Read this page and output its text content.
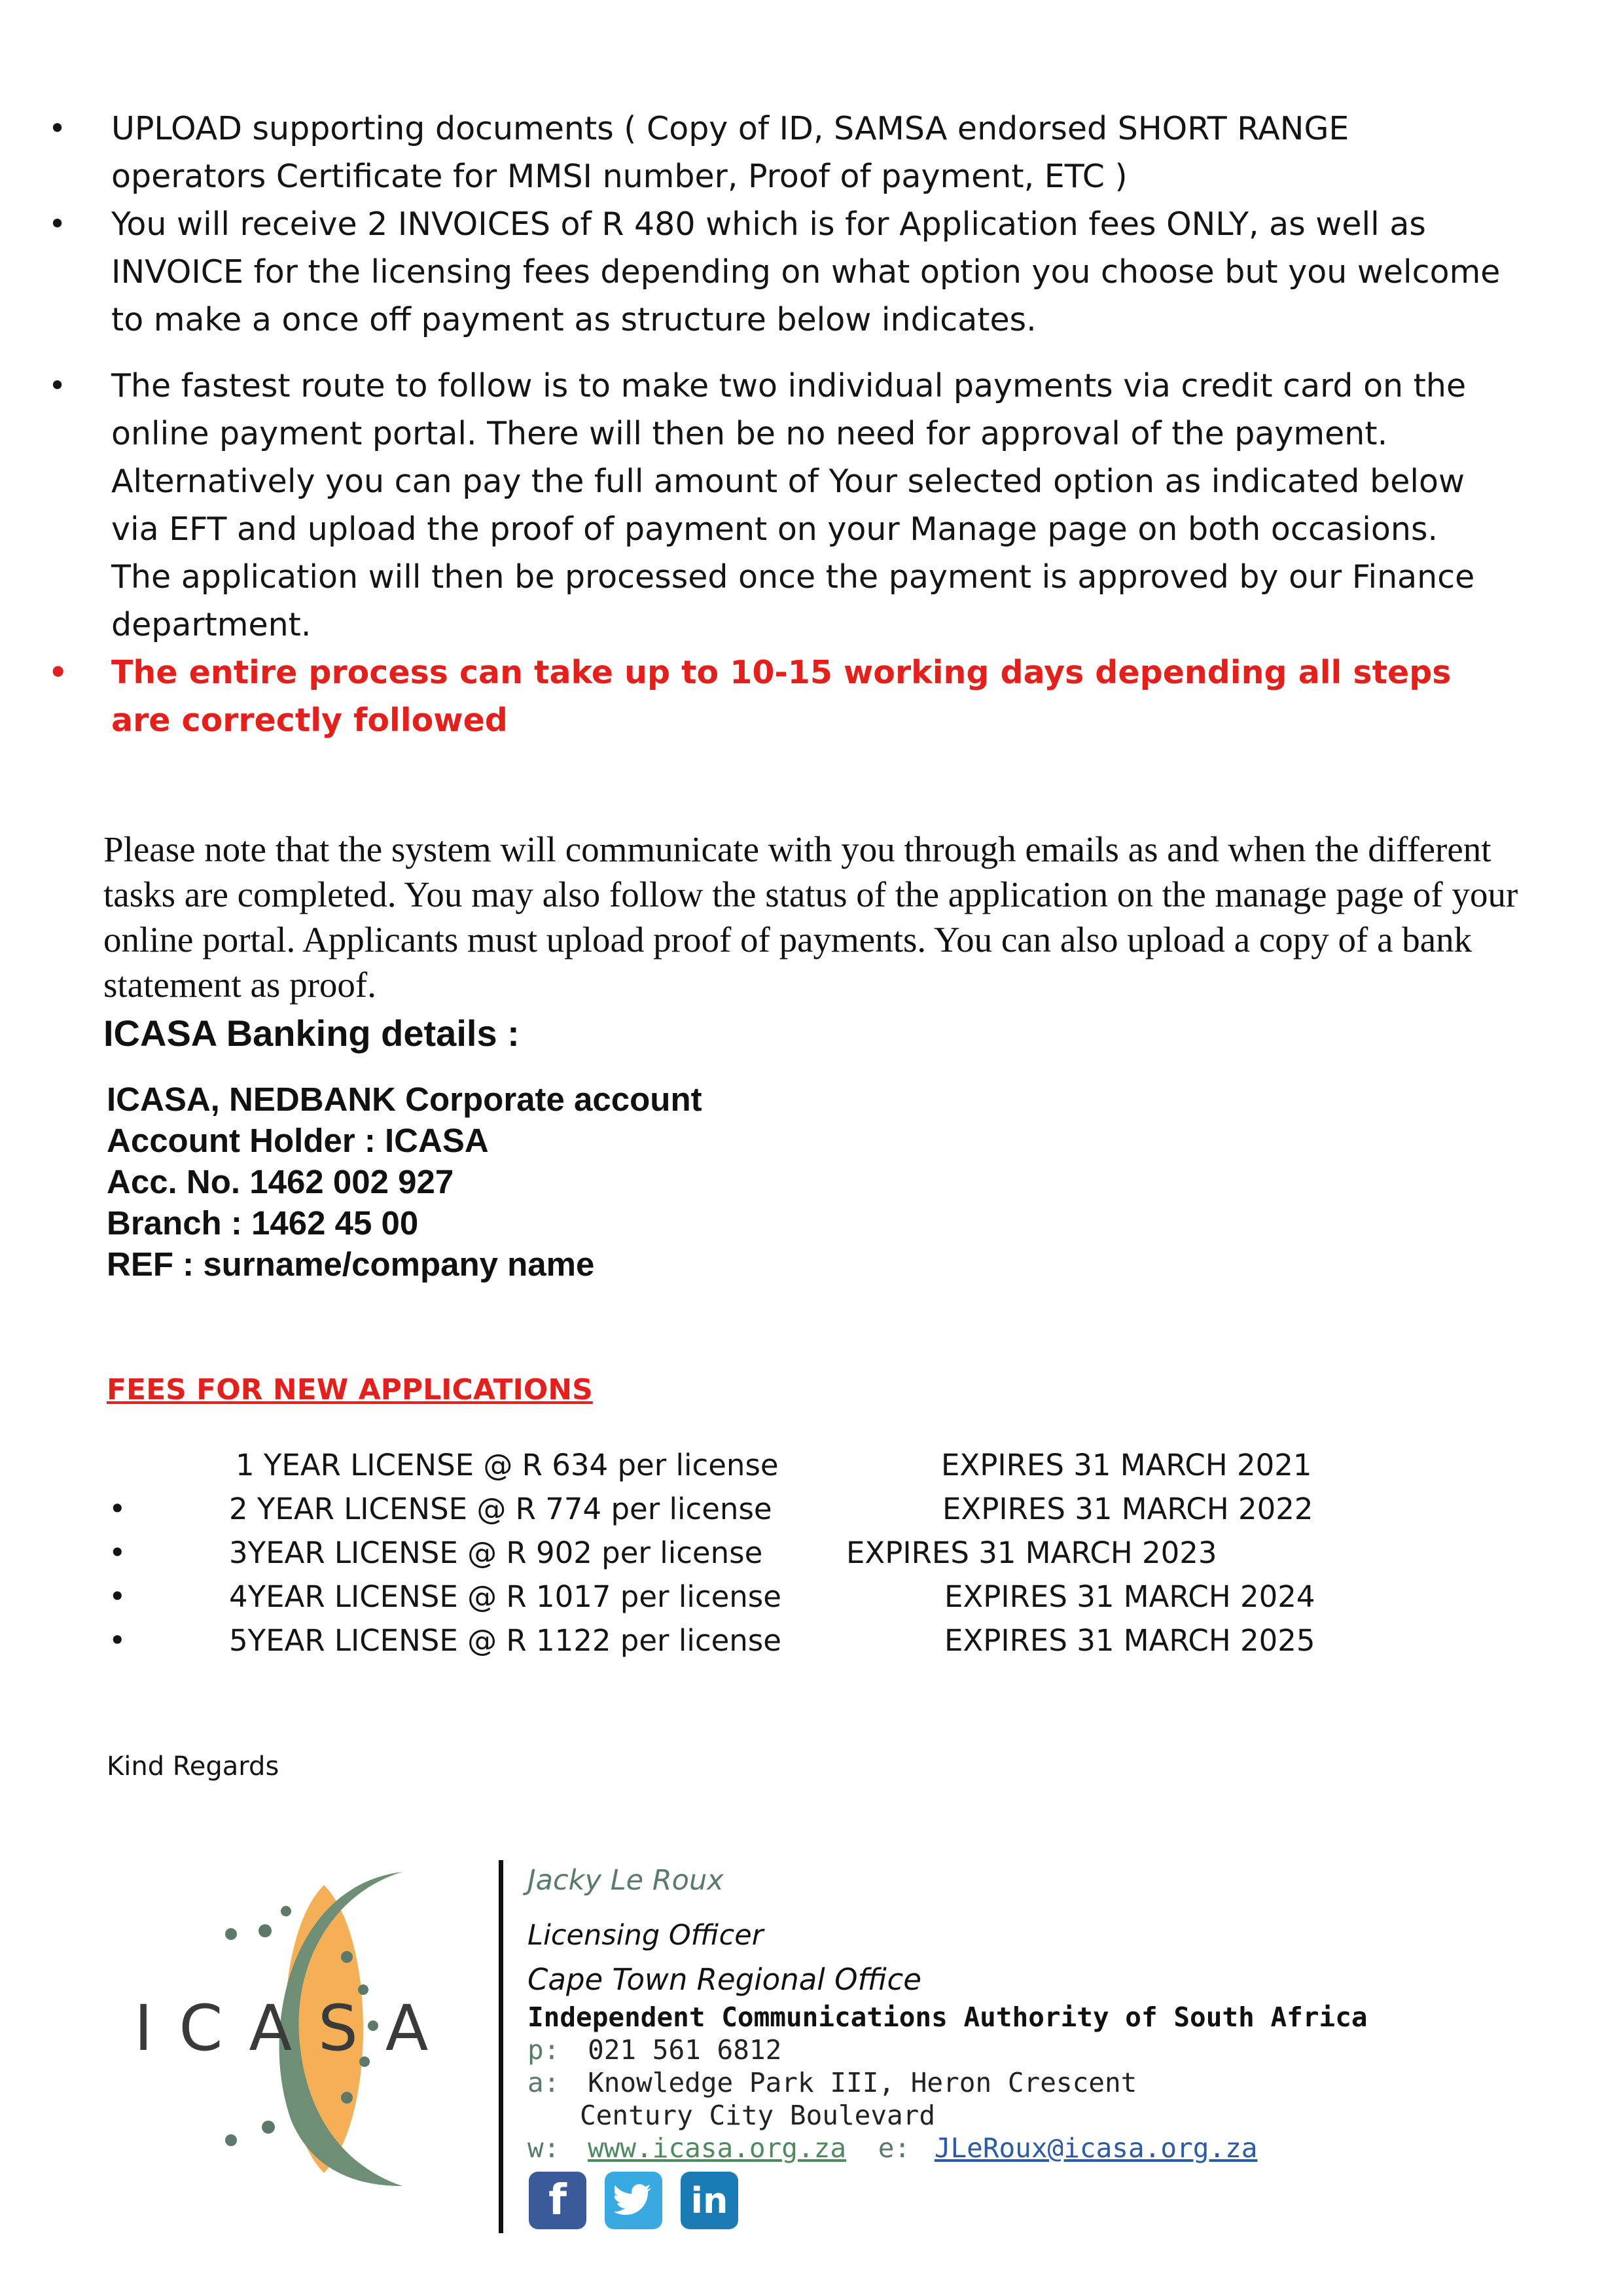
• UPLOAD supporting documents ( Copy of ID, SAMSA endorsed SHORT RANGE operators Certificate for MMSI number, Proof of payment, ETC )
• You will receive 2 INVOICES of R 480 which is for Application fees ONLY, as well as INVOICE for the licensing fees depending on what option you choose but you welcome to make a once off payment as structure below indicates.
• The fastest route to follow is to make two individual payments via credit card on the online payment portal. There will then be no need for approval of the payment. Alternatively you can pay the full amount of Your selected option as indicated below via EFT and upload the proof of payment on your Manage page on both occasions. The application will then be processed once the payment is approved by our Finance department.
• The entire process can take up to 10-15 working days depending all steps are correctly followed

Please note that the system will communicate with you through emails as and when the different tasks are completed. You may also follow the status of the application on the manage page of your online portal. Applicants must upload proof of payments. You can also upload a copy of a bank statement as proof.

ICASA Banking details :
ICASA, NEDBANK Corporate account
Account Holder : ICASA
Acc. No. 1462 002 927
Branch : 1462 45 00
REF : surname/company name
FEES FOR NEW APPLICATIONS
1 YEAR LICENSE @ R 634 per license	EXPIRES 31 MARCH 2021
•	2 YEAR LICENSE @ R 774 per license	EXPIRES 31 MARCH 2022
•	3YEAR LICENSE @ R 902 per license	EXPIRES 31 MARCH 2023
•	4YEAR LICENSE @ R 1017 per license	EXPIRES 31 MARCH 2024
•	5YEAR LICENSE @ R 1122 per license	EXPIRES 31 MARCH 2025
Kind Regards
ICASA
Jacky Le Roux
Licensing Officer
Cape Town Regional Office
Independent Communications Authority of South Africa
p: 021 561 6812
a: Knowledge Park III, Heron Crescent
Century City Boulevard
w: www.icasa.org.za e: JLeRoux@icasa.org.za
f	in
